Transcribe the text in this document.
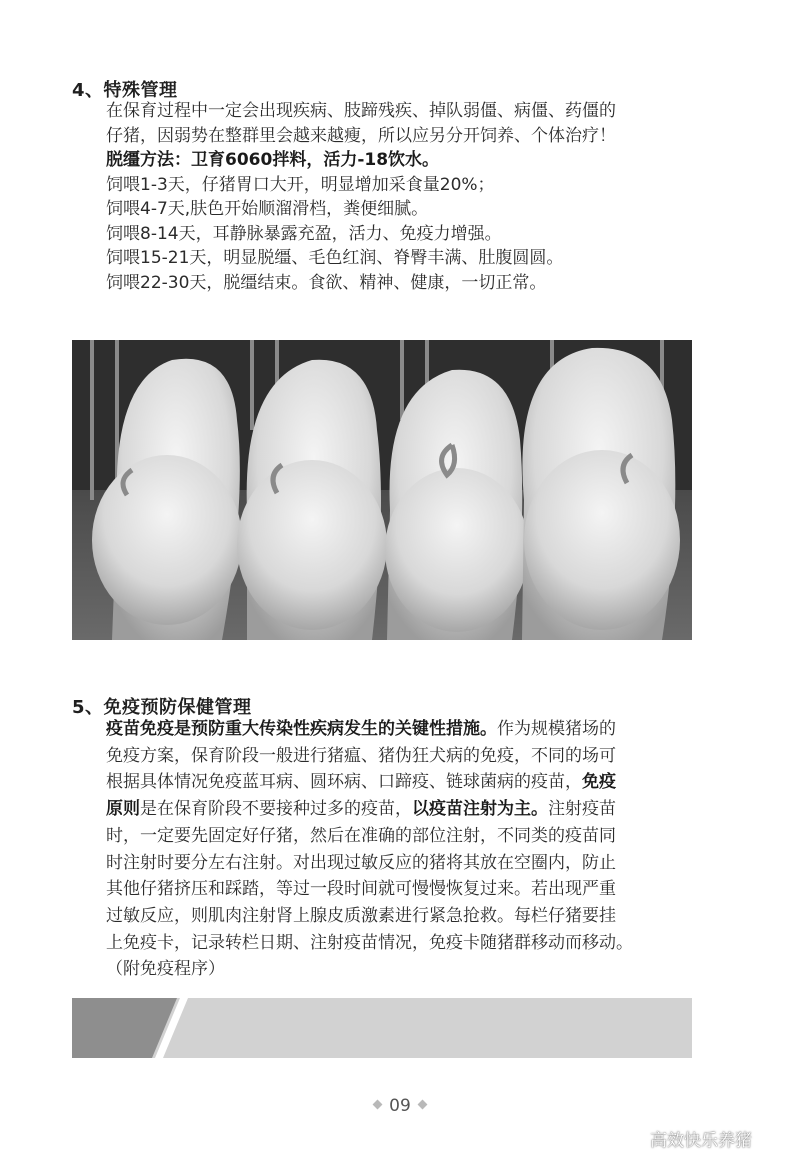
4、特殊管理
在保育过程中一定会出现疾病、肢蹄残疾、掉队弱僵、病僵、药僵的
仔猪，因弱势在整群里会越来越瘦，所以应另分开饲养、个体治疗！
脱缰方法：卫育6060拌料，活力-18饮水。
饲喂1-3天，仔猪胃口大开，明显增加采食量20%；
饲喂4-7天,肤色开始顺溜滑档，粪便细腻。
饲喂8-14天，耳静脉暴露充盈，活力、免疫力增强。
饲喂15-21天，明显脱缰、毛色红润、脊臀丰满、肚腹圆圆。
饲喂22-30天，脱缰结束。食欲、精神、健康，一切正常。
5、免疫预防保健管理
疫苗免疫是预防重大传染性疾病发生的关键性措施。作为规模猪场的
免疫方案，保育阶段一般进行猪瘟、猪伪狂犬病的免疫，不同的场可
根据具体情况免疫蓝耳病、圆环病、口蹄疫、链球菌病的疫苗，免疫
原则是在保育阶段不要接种过多的疫苗，以疫苗注射为主。注射疫苗
时，一定要先固定好仔猪，然后在准确的部位注射，不同类的疫苗同
时注射时要分左右注射。对出现过敏反应的猪将其放在空圈内，防止
其他仔猪挤压和踩踏，等过一段时间就可慢慢恢复过来。若出现严重
过敏反应，则肌肉注射肾上腺皮质激素进行紧急抢救。每栏仔猪要挂
上免疫卡，记录转栏日期、注射疫苗情况，免疫卡随猪群移动而移动。
（附免疫程序）
09
高效快乐养猪
